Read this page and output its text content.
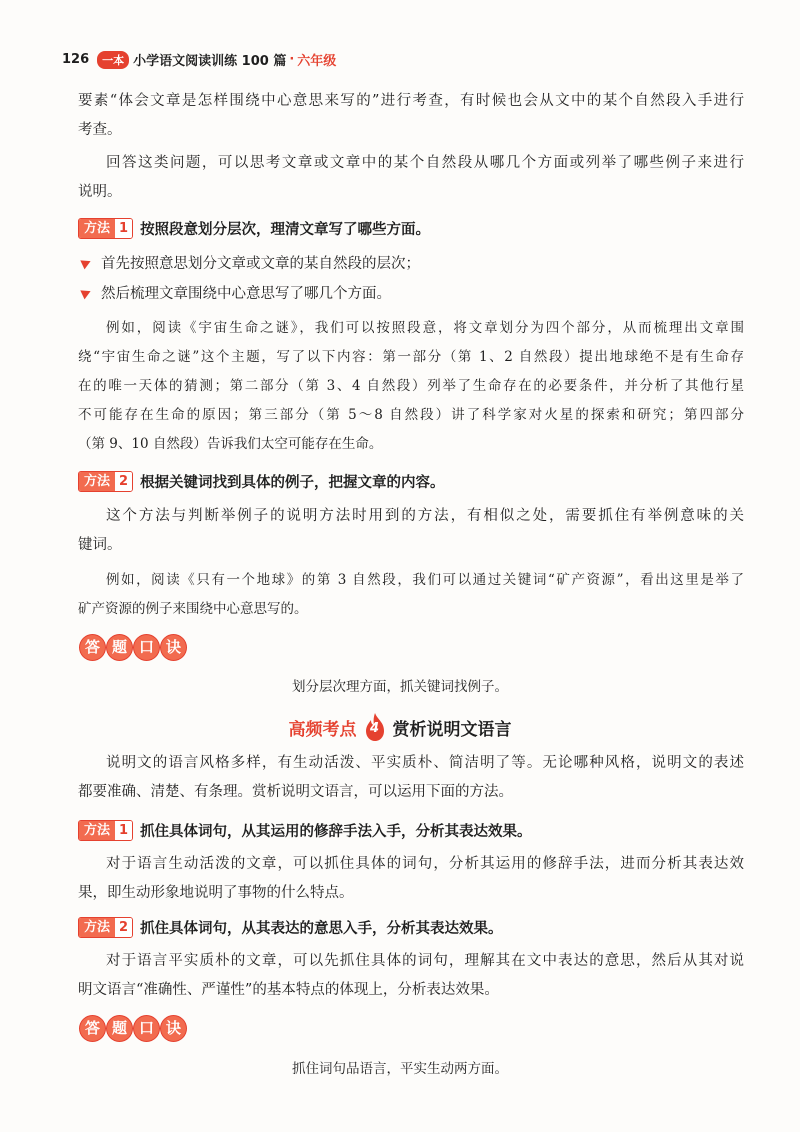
126	一本 小学语文阅读训练 100 篇 · 六年级
要素“体会文章是怎样围绕中心意思来写的”进行考查，有时候也会从文中的某个自然段入手进行
考查。
回答这类问题，可以思考文章或文章中的某个自然段从哪几个方面或列举了哪些例子来进行
说明。
方法 1 按照段意划分层次，理清文章写了哪些方面。
首先按照意思划分文章或文章的某自然段的层次；
然后梳理文章围绕中心意思写了哪几个方面。
例如，阅读《宇宙生命之谜》，我们可以按照段意，将文章划分为四个部分，从而梳理出文章围
绕“宇宙生命之谜”这个主题，写了以下内容：第一部分（第 1、2 自然段）提出地球绝不是有生命存
在的唯一天体的猜测；第二部分（第 3、4 自然段）列举了生命存在的必要条件，并分析了其他行星
不可能存在生命的原因；第三部分（第 5～8 自然段）讲了科学家对火星的探索和研究；第四部分
（第 9、10 自然段）告诉我们太空可能存在生命。
方法 2 根据关键词找到具体的例子，把握文章的内容。
这个方法与判断举例子的说明方法时用到的方法，有相似之处，需要抓住有举例意味的关
键词。
例如，阅读《只有一个地球》的第 3 自然段，我们可以通过关键词“矿产资源”，看出这里是举了
矿产资源的例子来围绕中心意思写的。
答 题 口 诀
划分层次理方面，抓关键词找例子。
高频考点	4 赏析说明文语言
说明文的语言风格多样，有生动活泼、平实质朴、简洁明了等。无论哪种风格，说明文的表述
都要准确、清楚、有条理。赏析说明文语言，可以运用下面的方法。
方法 1 抓住具体词句，从其运用的修辞手法入手，分析其表达效果。
对于语言生动活泼的文章，可以抓住具体的词句，分析其运用的修辞手法，进而分析其表达效
果，即生动形象地说明了事物的什么特点。
方法 2 抓住具体词句，从其表达的意思入手，分析其表达效果。
对于语言平实质朴的文章，可以先抓住具体的词句，理解其在文中表达的意思，然后从其对说
明文语言“准确性、严谨性”的基本特点的体现上，分析表达效果。
答 题 口 诀
抓住词句品语言，平实生动两方面。
